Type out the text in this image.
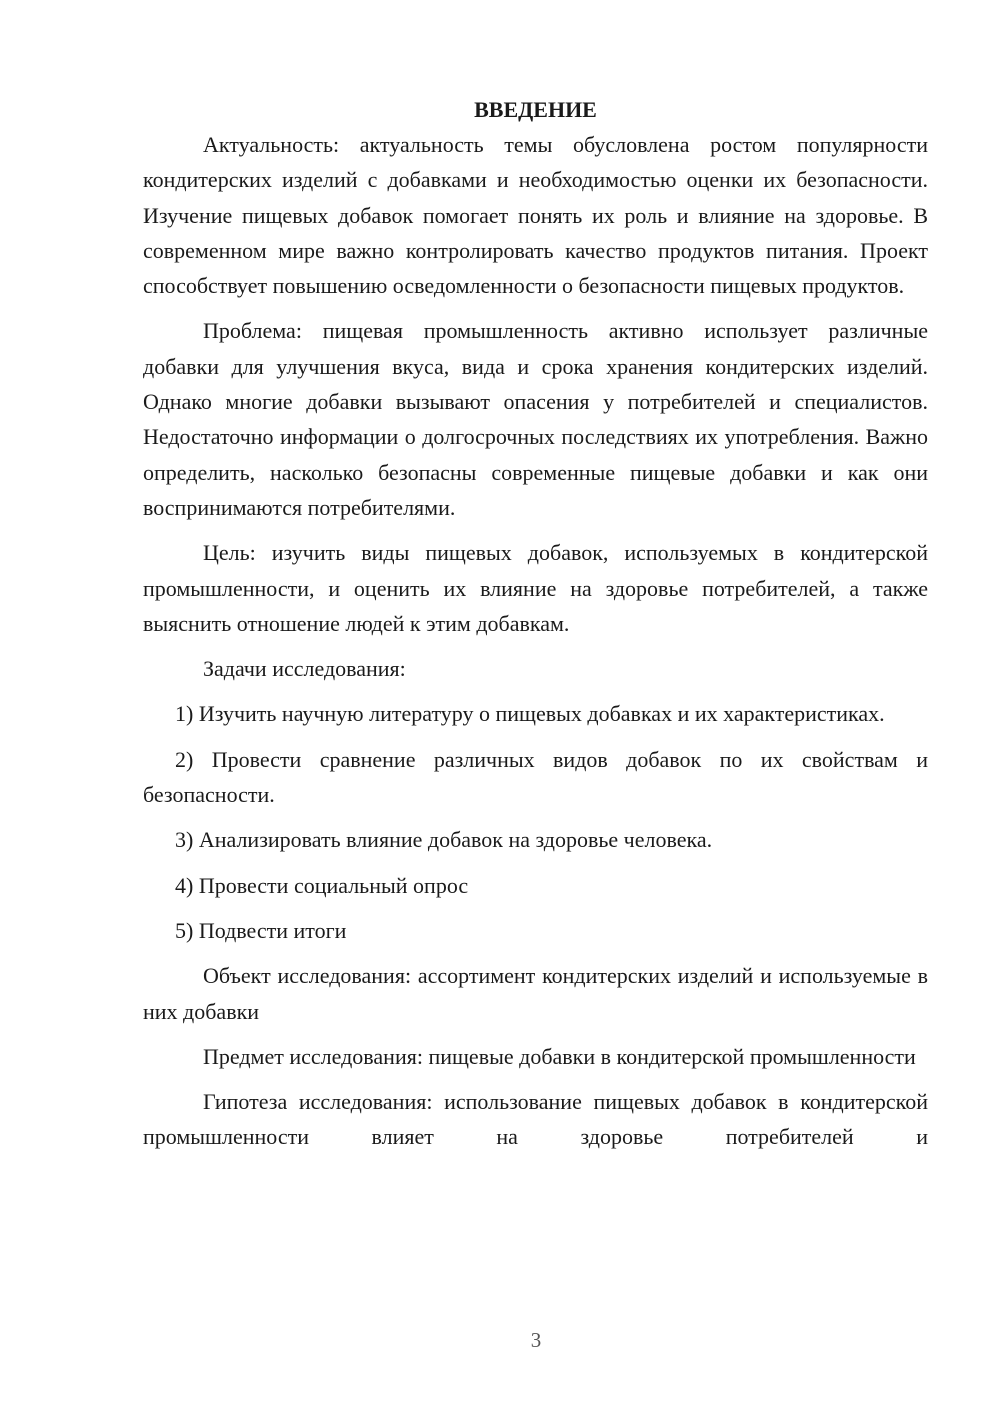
ВВЕДЕНИЕ

Актуальность: актуальность темы обусловлена ростом популярности кондитерских изделий с добавками и необходимостью оценки их безопасности. Изучение пищевых добавок помогает понять их роль и влияние на здоровье. В современном мире важно контролировать качество продуктов питания. Проект способствует повышению осведомленности о безопасности пищевых продуктов.

Проблема: пищевая промышленность активно использует различные добавки для улучшения вкуса, вида и срока хранения кондитерских изделий. Однако многие добавки вызывают опасения у потребителей и специалистов. Недостаточно информации о долгосрочных последствиях их употребления. Важно определить, насколько безопасны современные пищевые добавки и как они воспринимаются потребителями.

Цель: изучить виды пищевых добавок, используемых в кондитерской промышленности, и оценить их влияние на здоровье потребителей, а также выяснить отношение людей к этим добавкам.

Задачи исследования:

1) Изучить научную литературу о пищевых добавках и их характеристиках.

2) Провести сравнение различных видов добавок по их свойствам и безопасности.

3) Анализировать влияние добавок на здоровье человека.

4) Провести социальный опрос

5) Подвести итоги

Объект исследования: ассортимент кондитерских изделий и используемые в них добавки

Предмет исследования: пищевые добавки в кондитерской промышленности

Гипотеза исследования: использование пищевых добавок в кондитерской промышленности влияет на здоровье потребителей и

3
